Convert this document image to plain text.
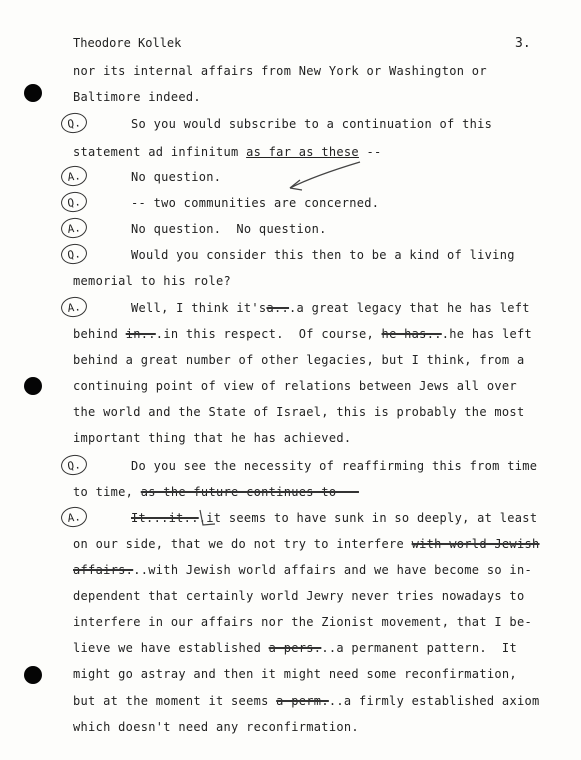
Theodore Kollek	3.
nor its internal affairs from New York or Washington or
Baltimore indeed.
So you would subscribe to a continuation of this
Q.
statement ad infinitum as far as these --
No question.
A.
-- two communities are concerned.
Q.
No question.  No question.
A.
Would you consider this then to be a kind of living
Q.
memorial to his role?
Well, I think it'sa...a great legacy that he has left
A.
behind in...in this respect.  Of course, he has...he has left
behind a great number of other legacies, but I think, from a
continuing point of view of relations between Jews all over
the world and the State of Israel, this is probably the most
important thing that he has achieved.
Do you see the necessity of reaffirming this from time
Q.
to time, as the future continues to --
It...it...it seems to have sunk in so deeply, at least
A.
on our side, that we do not try to interfere with world Jewish
affairs...with Jewish world affairs and we have become so in-
dependent that certainly world Jewry never tries nowadays to
interfere in our affairs nor the Zionist movement, that I be-
lieve we have established a pers...a permanent pattern.  It
might go astray and then it might need some reconfirmation,
but at the moment it seems a perm...a firmly established axiom
which doesn't need any reconfirmation.
